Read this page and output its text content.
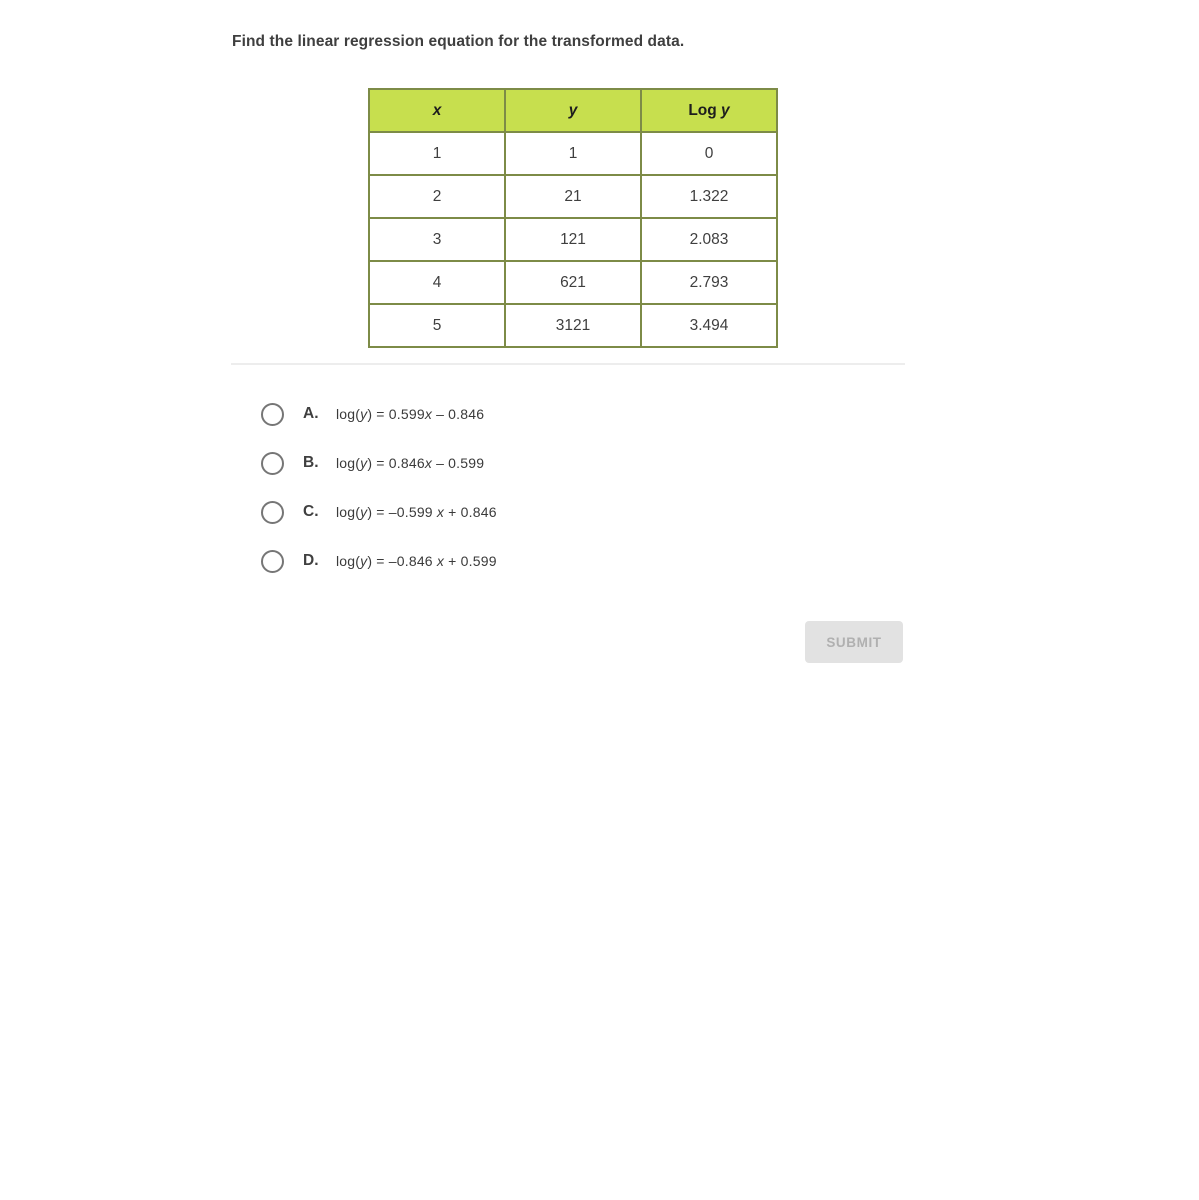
Find the linear regression equation for the transformed data.
x	y	Log y
1	1	0
2	21	1.322
3	121	2.083
4	621	2.793
5	3121	3.494
A.	log(y) = 0.599x – 0.846
B.	log(y) = 0.846x – 0.599
C.	log(y) = –0.599 x + 0.846
D.	log(y) = –0.846 x + 0.599
SUBMIT
